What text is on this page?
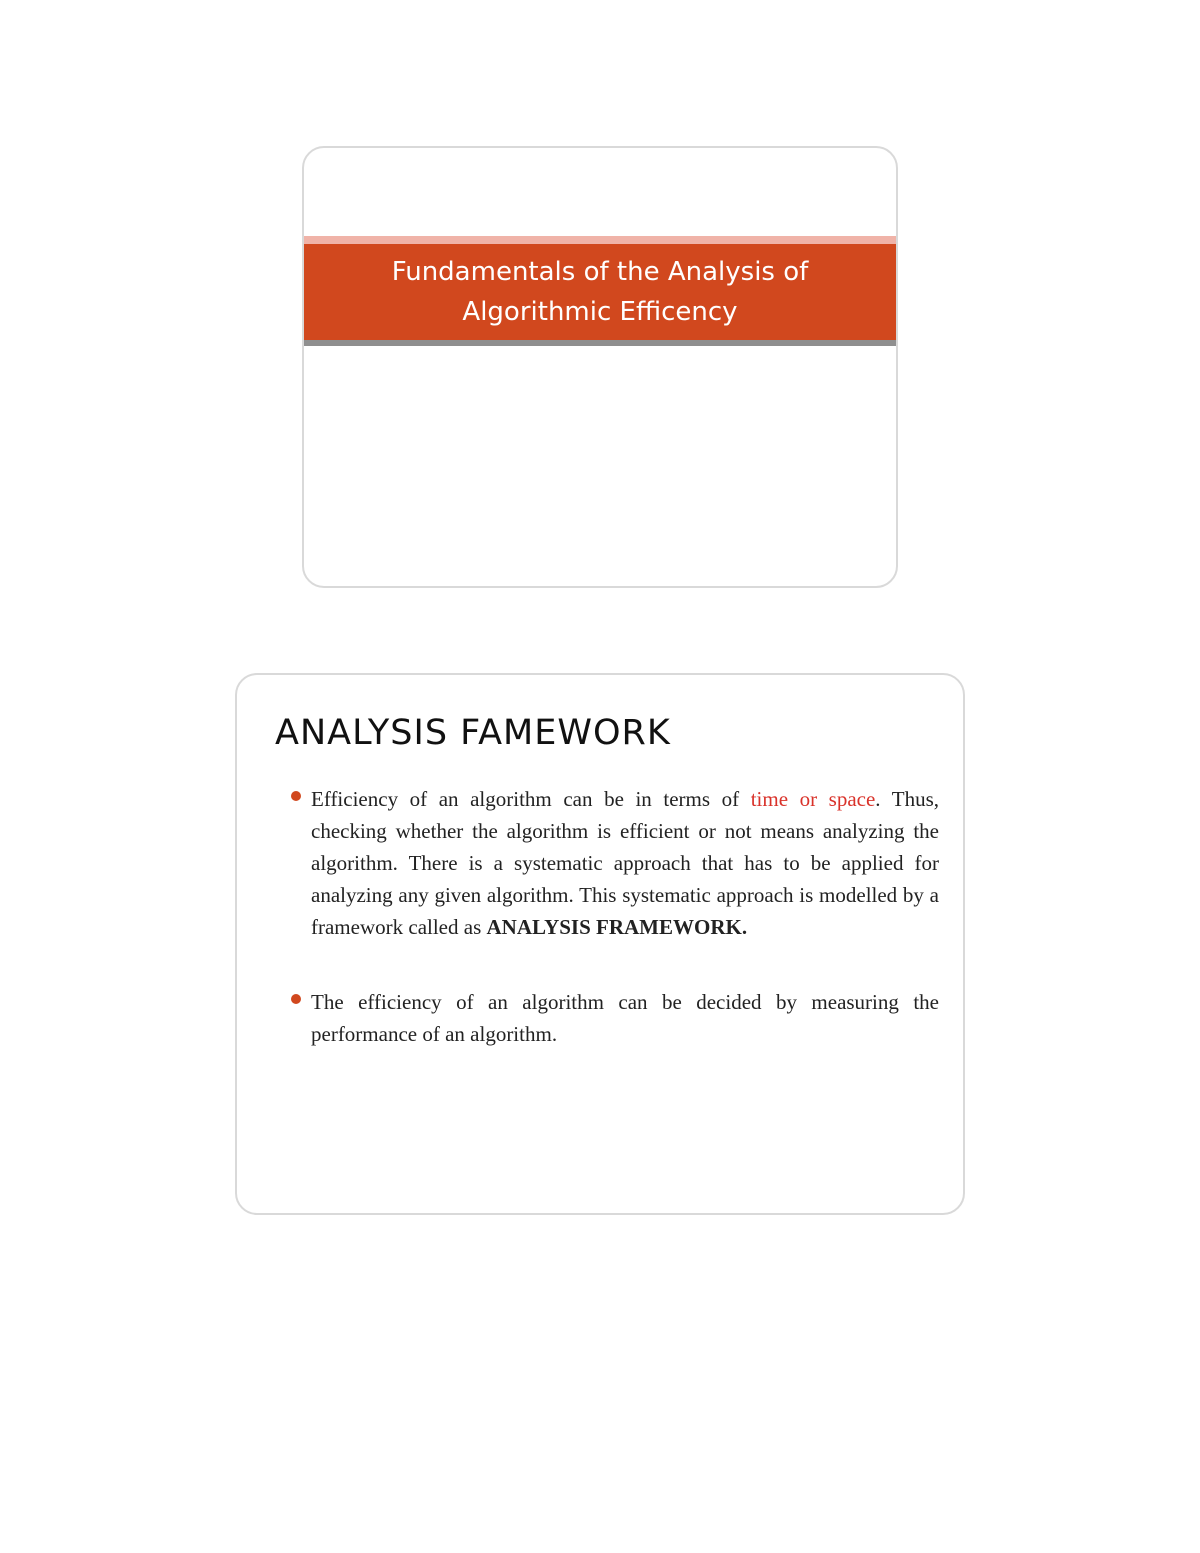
Fundamentals of the Analysis of
Algorithmic Efficency
ANALYSIS FAMEWORK
Efficiency of an algorithm can be in terms of time or space. Thus, checking whether the algorithm is efficient or not means analyzing the algorithm. There is a systematic approach that has to be applied for analyzing any given algorithm. This systematic approach is modelled by a framework called as ANALYSIS FRAMEWORK.
The efficiency of an algorithm can be decided by measuring the performance of an algorithm.
